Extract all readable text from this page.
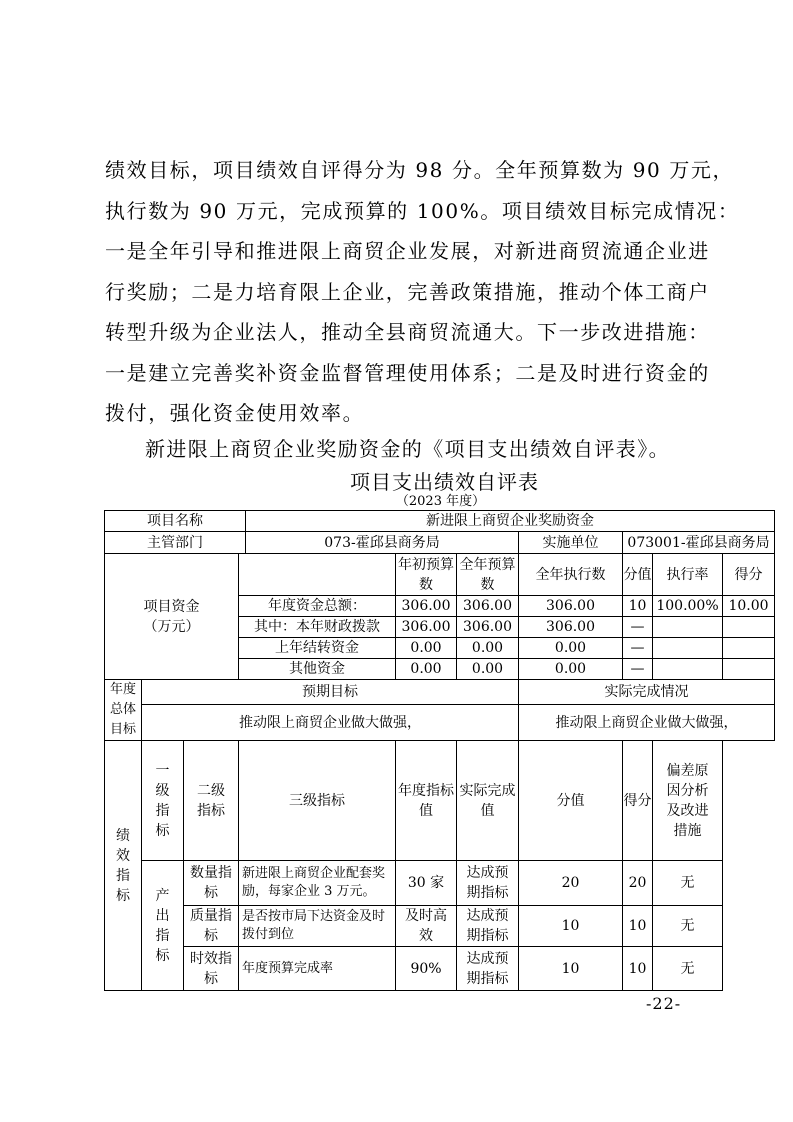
绩效目标，项目绩效自评得分为 98 分。全年预算数为 90 万元，
执行数为 90 万元，完成预算的 100%。项目绩效目标完成情况：
一是全年引导和推进限上商贸企业发展，对新进商贸流通企业进
行奖励；二是力培育限上企业，完善政策措施，推动个体工商户
转型升级为企业法人，推动全县商贸流通大。下一步改进措施：
一是建立完善奖补资金监督管理使用体系；二是及时进行资金的
拨付，强化资金使用效率。
新进限上商贸企业奖励资金的《项目支出绩效自评表》。
项目支出绩效自评表
（2023 年度）
项目名称				新进限上商贸企业奖励资金						
主管部门				073-霍邱县商务局			实施单位	073001-霍邱县商务局		

项目资金
（万元）					年初预算数	全年预算数	全年执行数	分值	执行率	得分
			年度资金总额：		306.00	306.00	306.00	10	100.00%	10.00
			其中：本年财政拨款		306.00	306.00	306.00	—		
			上年结转资金		0.00	0.00	0.00	—		
			其他资金		0.00	0.00	0.00	—		

年度
总体
目标	预期目标						实际完成情况			
	推动限上商贸企业做大做强，						推动限上商贸企业做大做强，			
绩效指标	一级指标	二级指标	三级指标		年度指标值	实际完成值	分值	得分	偏差原因分析及改进措施	
	产出指标	数量指标	新进限上商贸企业配套奖励，每家企业 3 万元。		30 家	达成预期指标	20	20	无	
		质量指标	是否按市局下达资金及时拨付到位		及时高效	达成预期指标	10	10	无	
		时效指标	年度预算完成率		90%	达成预期指标	10	10	无	
-22-
